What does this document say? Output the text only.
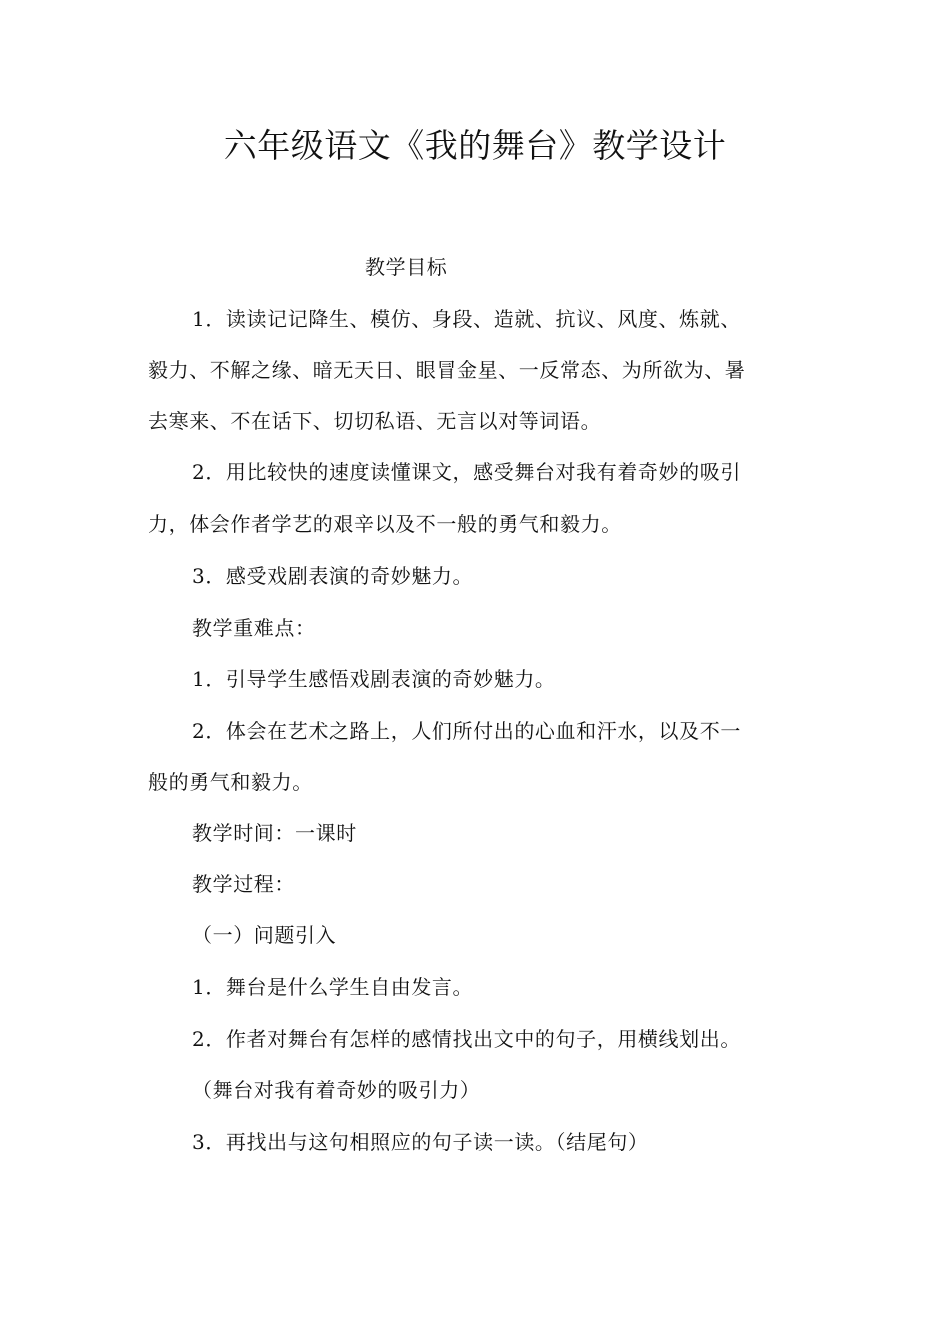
六年级语文《我的舞台》教学设计
教学目标
1．读读记记降生、模仿、身段、造就、抗议、风度、炼就、
毅力、不解之缘、暗无天日、眼冒金星、一反常态、为所欲为、暑
去寒来、不在话下、切切私语、无言以对等词语。
2．用比较快的速度读懂课文，感受舞台对我有着奇妙的吸引
力，体会作者学艺的艰辛以及不一般的勇气和毅力。
3．感受戏剧表演的奇妙魅力。
教学重难点：
1．引导学生感悟戏剧表演的奇妙魅力。
2．体会在艺术之路上，人们所付出的心血和汗水，以及不一
般的勇气和毅力。
教学时间：一课时
教学过程：
（一）问题引入
1．舞台是什么学生自由发言。
2．作者对舞台有怎样的感情找出文中的句子，用横线划出。
（舞台对我有着奇妙的吸引力）
3．再找出与这句相照应的句子读一读。（结尾句）
